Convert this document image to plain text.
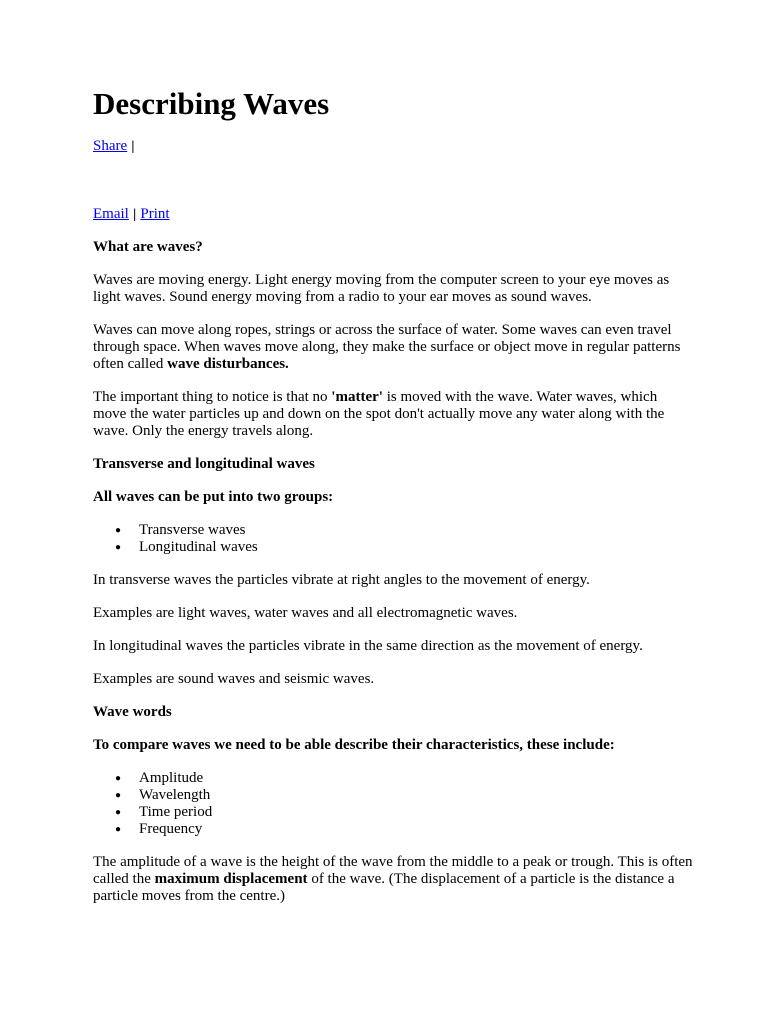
Describing Waves
Share |
Email | Print

What are waves?

Waves are moving energy. Light energy moving from the computer screen to your eye moves as light waves. Sound energy moving from a radio to your ear moves as sound waves.

Waves can move along ropes, strings or across the surface of water. Some waves can even travel through space. When waves move along, they make the surface or object move in regular patterns often called wave disturbances.

The important thing to notice is that no 'matter' is moved with the wave. Water waves, which move the water particles up and down on the spot don't actually move any water along with the wave. Only the energy travels along.

Transverse and longitudinal waves

All waves can be put into two groups:

● Transverse waves
● Longitudinal waves

In transverse waves the particles vibrate at right angles to the movement of energy.

Examples are light waves, water waves and all electromagnetic waves.

In longitudinal waves the particles vibrate in the same direction as the movement of energy.

Examples are sound waves and seismic waves.

Wave words

To compare waves we need to be able describe their characteristics, these include:

● Amplitude
● Wavelength
● Time period
● Frequency

The amplitude of a wave is the height of the wave from the middle to a peak or trough. This is often called the maximum displacement of the wave. (The displacement of a particle is the distance a particle moves from the centre.)
